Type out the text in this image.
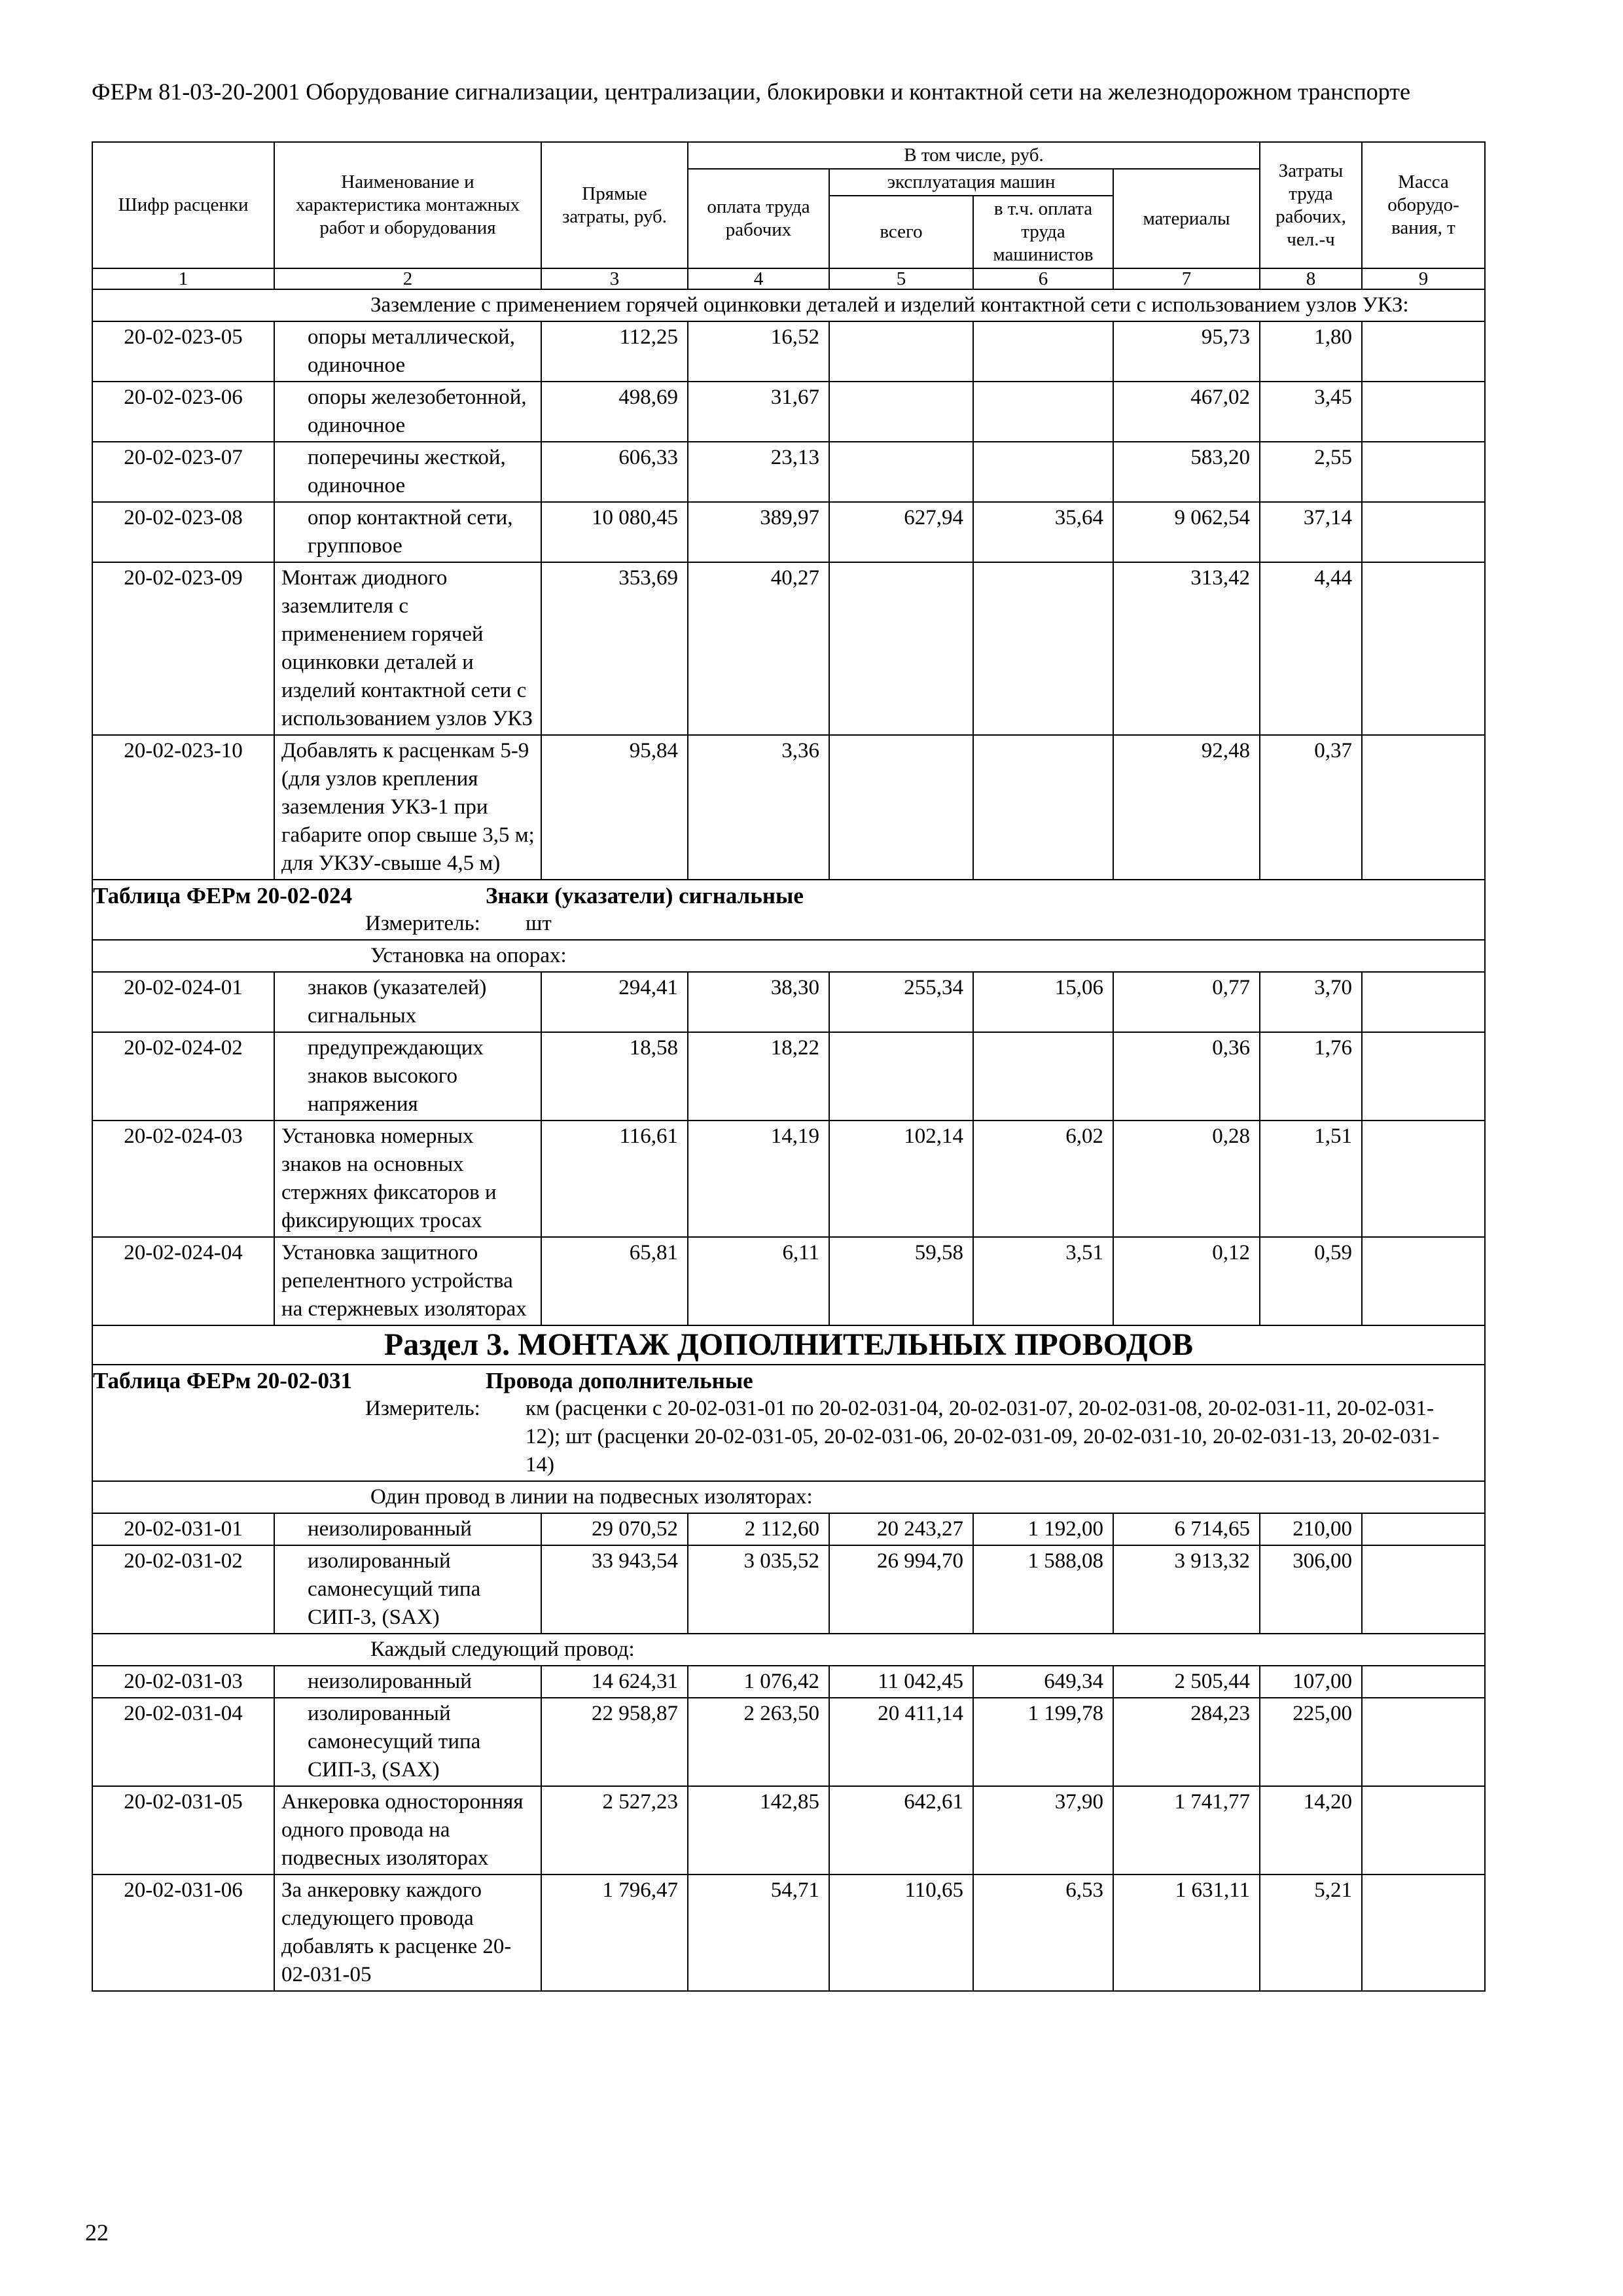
ФЕРм 81-03-20-2001 Оборудование сигнализации, централизации, блокировки и контактной сети на железнодорожном транспорте
Шифр расценки	Наименование и характеристика монтажных работ и оборудования	Прямые затраты, руб.	В том числе, руб.				Затраты труда рабочих, чел.-ч	Масса оборудо-вания, т
			оплата труда рабочих	эксплуатация машин		материалы		
				всего	в т.ч. оплата труда машинистов			
1	2	3	4	5	6	7	8	9
Заземление с применением горячей оцинковки деталей и изделий контактной сети с использованием узлов УКЗ:								
20-02-023-05	опоры металлической, одиночное	112,25	16,52			95,73	1,80	
20-02-023-06	опоры железобетонной, одиночное	498,69	31,67			467,02	3,45	
20-02-023-07	поперечины жесткой, одиночное	606,33	23,13			583,20	2,55	
20-02-023-08	опор контактной сети, групповое	10 080,45	389,97	627,94	35,64	9 062,54	37,14	
20-02-023-09	Монтаж диодного заземлителя с применением горячей оцинковки деталей и изделий контактной сети с использованием узлов УКЗ	353,69	40,27			313,42	4,44	
20-02-023-10	Добавлять к расценкам 5-9 (для узлов крепления заземления УКЗ-1 при габарите опор свыше 3,5 м; для УКЗУ-свыше 4,5 м)	95,84	3,36			92,48	0,37	

Таблица ФЕРм 20-02-024 Знаки (указатели) сигнальные
Измеритель: шт								

Установка на опорах:								
20-02-024-01	знаков (указателей) сигнальных	294,41	38,30	255,34	15,06	0,77	3,70	
20-02-024-02	предупреждающих знаков высокого напряжения	18,58	18,22			0,36	1,76	
20-02-024-03	Установка номерных знаков на основных стержнях фиксаторов и фиксирующих тросах	116,61	14,19	102,14	6,02	0,28	1,51	
20-02-024-04	Установка защитного репелентного устройства на стержневых изоляторах	65,81	6,11	59,58	3,51	0,12	0,59	
Раздел 3. МОНТАЖ ДОПОЛНИТЕЛЬНЫХ ПРОВОДОВ								

Таблица ФЕРм 20-02-031 Провода дополнительные
Измеритель: км (расценки с 20-02-031-01 по 20-02-031-04, 20-02-031-07, 20-02-031-08, 20-02-031-11, 20-02-031-12); шт (расценки 20-02-031-05, 20-02-031-06, 20-02-031-09, 20-02-031-10, 20-02-031-13, 20-02-031-14)								

Один провод в линии на подвесных изоляторах:								
20-02-031-01	неизолированный	29 070,52	2 112,60	20 243,27	1 192,00	6 714,65	210,00	
20-02-031-02	изолированный самонесущий типа СИП-3, (SAX)	33 943,54	3 035,52	26 994,70	1 588,08	3 913,32	306,00	
Каждый следующий провод:								
20-02-031-03	неизолированный	14 624,31	1 076,42	11 042,45	649,34	2 505,44	107,00	
20-02-031-04	изолированный самонесущий типа СИП-3, (SAX)	22 958,87	2 263,50	20 411,14	1 199,78	284,23	225,00	
20-02-031-05	Анкеровка односторонняя одного провода на подвесных изоляторах	2 527,23	142,85	642,61	37,90	1 741,77	14,20	
20-02-031-06	За анкеровку каждого следующего провода добавлять к расценке 20-02-031-05	1 796,47	54,71	110,65	6,53	1 631,11	5,21	
22
